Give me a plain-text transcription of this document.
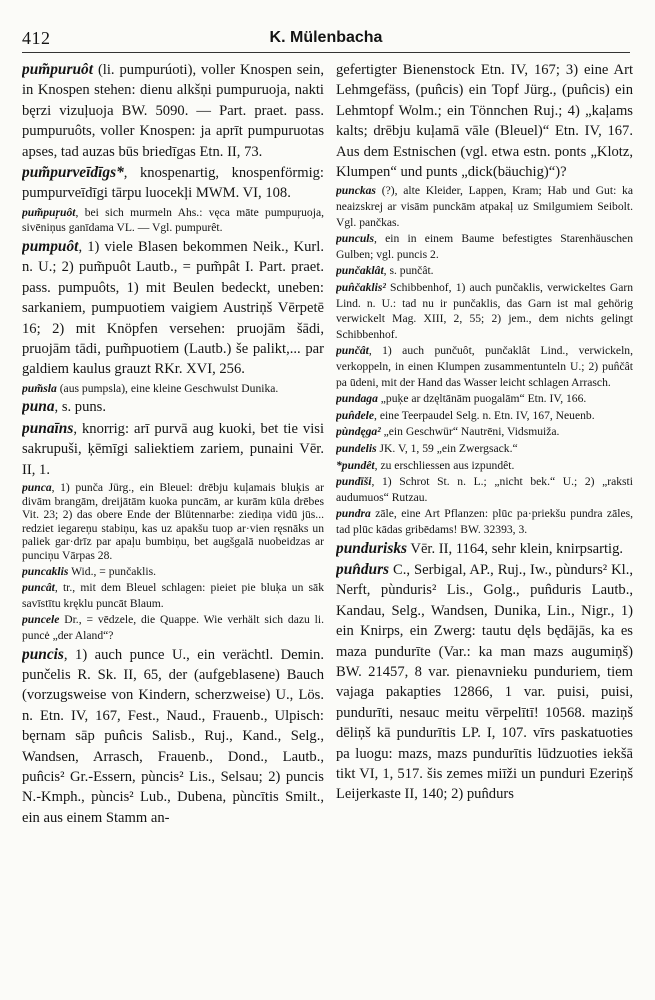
412	K. Mülenbacha

pum̃puruôt (li. pumpurúoti), voller Knospen sein, in Knospen stehen: dienu alkšņi pumpuruoja, nakti bęrzi vizuļuoja BW. 5090. — Part. praet. pass. pumpuruôts, voller Knospen: ja aprīt pumpuruotas apses, tad auzas būs briedīgas Etn. II, 73.

pum̃purveīdīgs*, knospenartig, knospenförmig: pumpurveīdīgi tārpu luocekļi MWM. VI, 108.

pum̃puŗuôt, bei sich murmeln Ahs.: vęca māte pumpuŗuoja, sivēniņus ganīdama VL. — Vgl. pumpurêt.

pumpuôt, 1) viele Blasen bekommen Neik., Kurl. n. U.; 2) pum̃puôt Lautb., = pum̃pât I. Part. praet. pass. pumpuôts, 1) mit Beulen bedeckt, uneben: sarkaniem, pumpuotiem vaigiem Austriņš Vērpetē 16; 2) mit Knöpfen versehen: pruojām šādi, pruojām tādi, pum̃puotiem (Lautb.) še palikt,... par galdiem kaulus grauzt RKr. XVI, 256.

pum̃sla (aus pumpsla), eine kleine Geschwulst Dunika.

puna, s. puns.

punaīns, knorrig: arī purvā aug kuoki, bet tie visi sakrupuši, ķēmīgi saliektiem zariem, punaini Vēr. II, 1.

punca, 1) punča Jürg., ein Bleuel: drēbju kuļamais bluķis ar divām brangām, dreijātām kuoka puncām, ar kurām kūla drēbes Vit. 23; 2) das obere Ende der Blütennarbe: ziediņa vidū jūs... redziet iegareņu stabiņu, kas uz apakšu tuop ar·vien ręsnāks un paliek gar·drīz par apaļu bumbiņu, bet augšgalā nuobeidzas ar punciņu Vārpas 28.

puncaklis Wid., = punčaklis.

puncât, tr., mit dem Bleuel schlagen: pieiet pie bluķa un sāk savīstītu kręklu puncāt Blaum.

puncele Dr., = vēdzele, die Quappe. Wie verhält sich dazu li. puncė „der Aland“?

puncis, 1) auch punce U., ein verächtl. Demin. punčelis R. Sk. II, 65, der (aufgeblasene) Bauch (vorzugsweise von Kindern, scherzweise) U., Lös. n. Etn. IV, 167, Fest., Naud., Frauenb., Ulpisch: bęrnam sāp pun̂cis Salisb., Ruj., Kand., Selg., Wandsen, Arrasch, Frauenb., Dond., Lautb., pun̂cis² Gr.-Essern, pùncis² Lis., Selsau; 2) puncis N.-Kmph., pùncis² Lub., Dubena, pùncītis Smilt., ein aus einem Stamm an-

gefertigter Bienenstock Etn. IV, 167; 3) eine Art Lehmgefäss, (pun̂cis) ein Topf Jürg., (pun̂cis) ein Lehmtopf Wolm.; ein Tönnchen Ruj.; 4) „kaļams kalts; drēbju kuļamā vāle (Bleuel)“ Etn. IV, 167. Aus dem Estnischen (vgl. etwa estn. ponts „Klotz, Klumpen“ und punts „dick(bäuchig)“)?

punckas (?), alte Kleider, Lappen, Kram; Hab und Gut: ka neaizskrej ar visām punckām atpakaļ uz Smilgumiem Seibolt. Vgl. pančkas.

punculs, ein in einem Baume befestigtes Starenhäuschen Gulben; vgl. puncis 2.

punčaklât, s. punčât.

pun̂čaklis² Schibbenhof, 1) auch punčaklis, verwickeltes Garn Lind. n. U.: tad nu ir punčaklis, das Garn ist mal gehörig verwickelt Mag. XIII, 2, 55; 2) jem., dem nichts gelingt Schibbenhof.

punčât, 1) auch punčuôt, punčaklât Lind., verwickeln, verkoppeln, in einen Klumpen zusammentunteln U.; 2) pun̂čât pa ūdeni, mit der Hand das Wasser leicht schlagen Arrasch.

pundaga „puķe ar dzęltānām puogalām“ Etn. IV, 166.

pun̂dele, eine Teerpaudel Selg. n. Etn. IV, 167, Neuenb.

pùndęga² „ein Geschwür“ Nautrēni, Vidsmuiža.

pundelis JK. V, 1, 59 „ein Zwergsack.“

*pundêt, zu erschliessen aus izpundêt.

pundīši, 1) Schrot St. n. L.; „nicht bek.“ U.; 2) „raksti audumuos“ Rutzau.

pundra zāle, eine Art Pflanzen: plūc pa·priekšu pundra zāles, tad plūc kādas gribēdams! BW. 32393, 3.

pundurisks Vēr. II, 1164, sehr klein, knirpsartig.

pun̂durs C., Serbigal, AP., Ruj., Iw., pùndurs² Kl., Nerft, pùnduris² Lis., Golg., pun̂duris Lautb., Kandau, Selg., Wandsen, Dunika, Lin., Nigr., 1) ein Knirps, ein Zwerg: tautu dęls będājās, ka es maza pundurīte (Var.: ka man mazs augumiņš) BW. 21457, 8 var. pienavnieku punduriem, tiem vajaga pakapties 12866, 1 var. puisi, puisi, pundurīti, nesauc meitu vērpelītī! 10568. maziņš dēliņš kā pundurītis LP. I, 107. vīrs paskatuoties pa luogu: mazs, mazs pundurītis lūdzuoties iekšā tikt VI, 1, 517. šis zemes miīži un punduri Ezeriņš Leijerkaste II, 140; 2) pun̂durs
